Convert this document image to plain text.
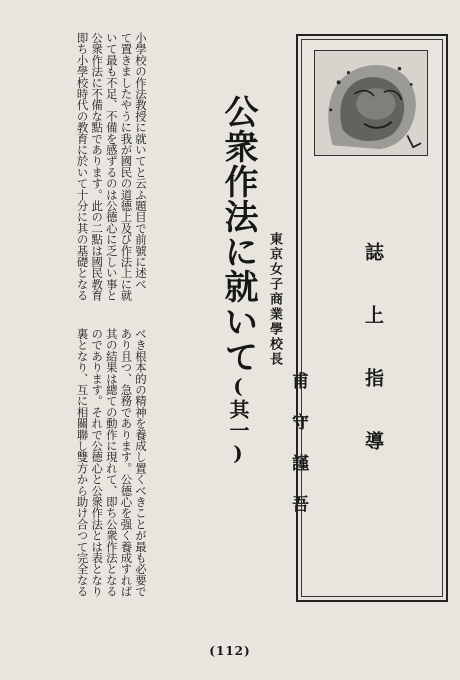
小學校の作法教授に就いてと云ふ題目で前號に述べ
て置きましたやうに我が國民の道德上及び作法上に就
いて最も不足、不備を感ずるのは公德心に乏しい事と
公衆作法に不備な點であります。此の二點は國民教育
即ち小學校時代の教育に於いて十分に其の基礎となる
べき根本的の精神を養成し置くべきことが最も必要で
あり且つ、急務であります。公德心を强く養成すれば
其の結果は總ての動作に現れて、即ち公衆作法となる
のであります。それで公德心と公衆作法とは表となり
裏となり、互に相關聯し雙方から助け合つて完全なる
公衆作法に就いて(其一)
東京女子商業學校長
甫守謹吾	誌上指導

(112)
